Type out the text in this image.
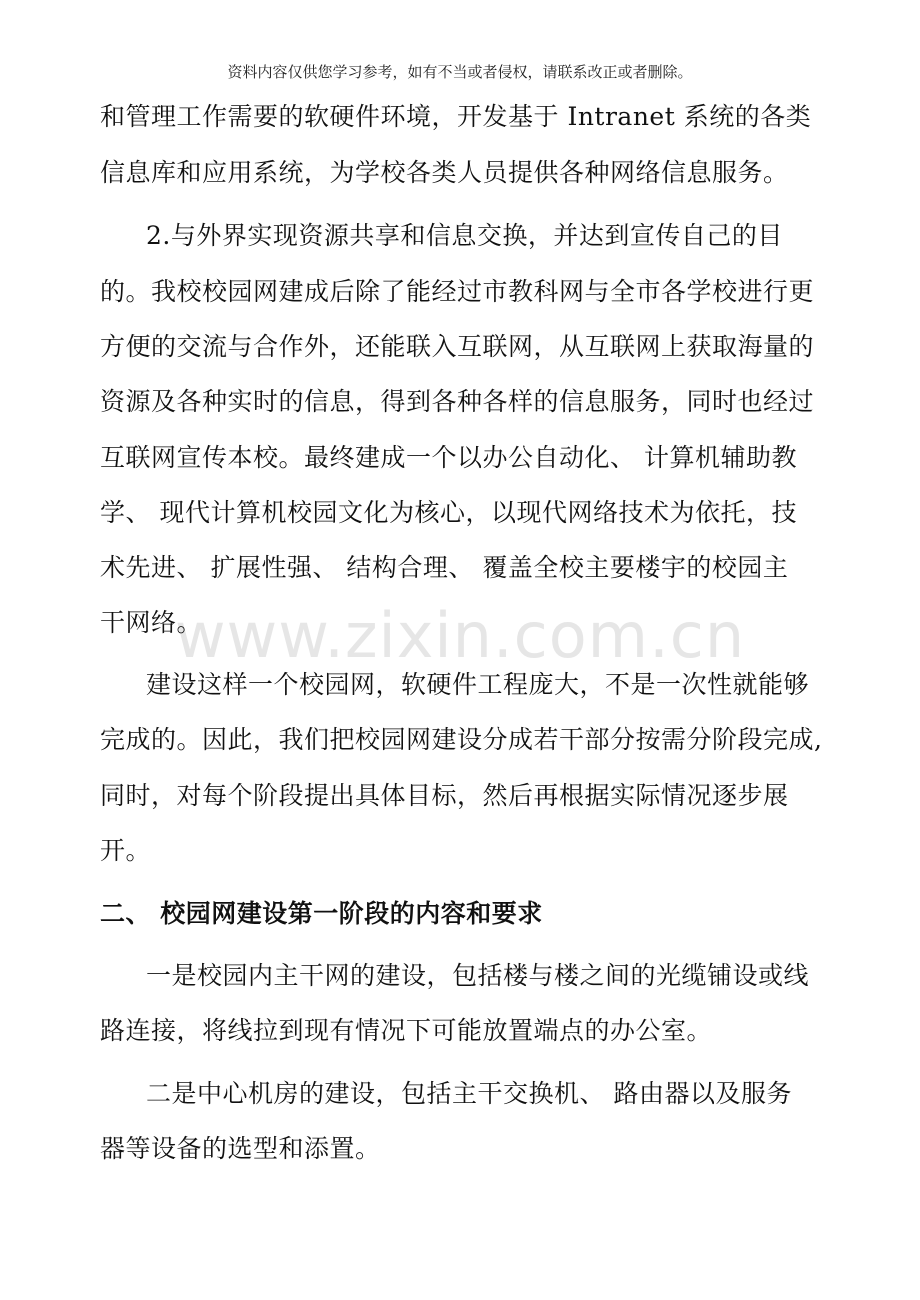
资料内容仅供您学习参考，如有不当或者侵权，请联系改正或者删除。
www.zixin.com.cn
和管理工作需要的软硬件环境，开发基于 Intranet 系统的各类
信息库和应用系统，为学校各类人员提供各种网络信息服务。
2.与外界实现资源共享和信息交换，并达到宣传自己的目
的。我校校园网建成后除了能经过市教科网与全市各学校进行更
方便的交流与合作外，还能联入互联网，从互联网上获取海量的
资源及各种实时的信息，得到各种各样的信息服务，同时也经过
互联网宣传本校。最终建成一个以办公自动化、 计算机辅助教
学、 现代计算机校园文化为核心，以现代网络技术为依托，技
术先进、 扩展性强、 结构合理、 覆盖全校主要楼宇的校园主
干网络。
建设这样一个校园网，软硬件工程庞大，不是一次性就能够
完成的。因此，我们把校园网建设分成若干部分按需分阶段完成,
同时，对每个阶段提出具体目标，然后再根据实际情况逐步展
开。
二、 校园网建设第一阶段的内容和要求
一是校园内主干网的建设，包括楼与楼之间的光缆铺设或线
路连接，将线拉到现有情况下可能放置端点的办公室。
二是中心机房的建设，包括主干交换机、 路由器以及服务
器等设备的选型和添置。
